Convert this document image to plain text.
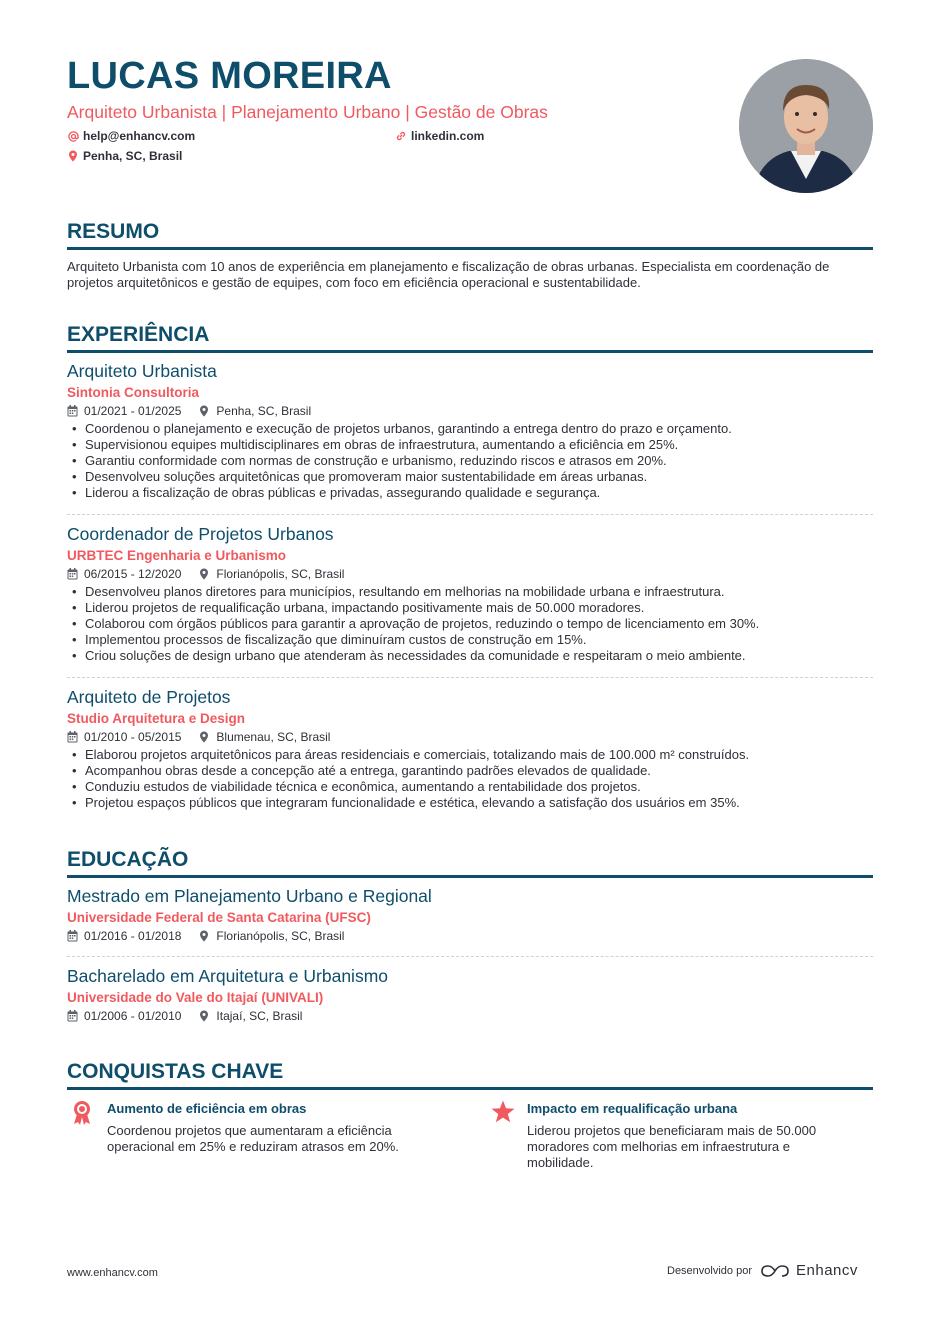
LUCAS MOREIRA
Arquiteto Urbanista | Planejamento Urbano | Gestão de Obras
help@enhancv.com	linkedin.com
Penha, SC, Brasil
RESUMO

Arquiteto Urbanista com 10 anos de experiência em planejamento e fiscalização de obras urbanas. Especialista em coordenação de projetos arquitetônicos e gestão de equipes, com foco em eficiência operacional e sustentabilidade.

EXPERIÊNCIA
Arquiteto Urbanista
Sintonia Consultoria
01/2021 - 01/2025	Penha, SC, Brasil
• Coordenou o planejamento e execução de projetos urbanos, garantindo a entrega dentro do prazo e orçamento.
• Supervisionou equipes multidisciplinares em obras de infraestrutura, aumentando a eficiência em 25%.
• Garantiu conformidade com normas de construção e urbanismo, reduzindo riscos e atrasos em 20%.
• Desenvolveu soluções arquitetônicas que promoveram maior sustentabilidade em áreas urbanas.
• Liderou a fiscalização de obras públicas e privadas, assegurando qualidade e segurança.
Coordenador de Projetos Urbanos
URBTEC Engenharia e Urbanismo
06/2015 - 12/2020	Florianópolis, SC, Brasil
• Desenvolveu planos diretores para municípios, resultando em melhorias na mobilidade urbana e infraestrutura.
• Liderou projetos de requalificação urbana, impactando positivamente mais de 50.000 moradores.
• Colaborou com órgãos públicos para garantir a aprovação de projetos, reduzindo o tempo de licenciamento em 30%.
• Implementou processos de fiscalização que diminuíram custos de construção em 15%.
• Criou soluções de design urbano que atenderam às necessidades da comunidade e respeitaram o meio ambiente.
Arquiteto de Projetos
Studio Arquitetura e Design
01/2010 - 05/2015	Blumenau, SC, Brasil
• Elaborou projetos arquitetônicos para áreas residenciais e comerciais, totalizando mais de 100.000 m² construídos.
• Acompanhou obras desde a concepção até a entrega, garantindo padrões elevados de qualidade.
• Conduziu estudos de viabilidade técnica e econômica, aumentando a rentabilidade dos projetos.
• Projetou espaços públicos que integraram funcionalidade e estética, elevando a satisfação dos usuários em 35%.
EDUCAÇÃO
Mestrado em Planejamento Urbano e Regional
Universidade Federal de Santa Catarina (UFSC)
01/2016 - 01/2018	Florianópolis, SC, Brasil
Bacharelado em Arquitetura e Urbanismo
Universidade do Vale do Itajaí (UNIVALI)
01/2006 - 01/2010	Itajaí, SC, Brasil
CONQUISTAS CHAVE
Aumento de eficiência em obras
Coordenou projetos que aumentaram a eficiência operacional em 25% e reduziram atrasos em 20%.
Impacto em requalificação urbana
Liderou projetos que beneficiaram mais de 50.000 moradores com melhorias em infraestrutura e mobilidade.
www.enhancv.com	Desenvolvido por	Enhancv
